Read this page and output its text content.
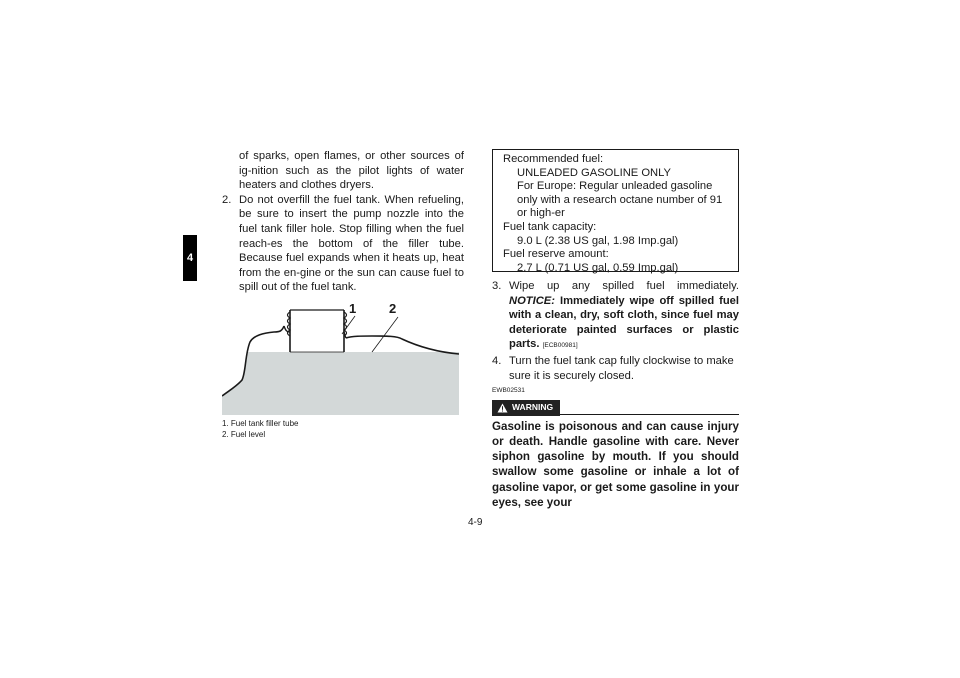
4

of sparks, open flames, or other sources of ig-nition such as the pilot lights of water heaters and clothes dryers.

2. Do not overfill the fuel tank. When refueling, be sure to insert the pump nozzle into the fuel tank filler hole. Stop filling when the fuel reach-es the bottom of the filler tube. Because fuel expands when it heats up, heat from the en-gine or the sun can cause fuel to spill out of the fuel tank.
1	2
1. Fuel tank filler tube
2. Fuel level
Recommended fuel:
UNLEADED GASOLINE ONLY
For Europe: Regular unleaded gasoline only with a research octane number of 91 or high-er
Fuel tank capacity:
9.0 L (2.38 US gal, 1.98 Imp.gal)
Fuel reserve amount:
2.7 L (0.71 US gal, 0.59 Imp.gal)
3. Wipe up any spilled fuel immediately. NOTICE: Immediately wipe off spilled fuel with a clean, dry, soft cloth, since fuel may deteriorate painted surfaces or plastic parts. [ECB00981]
4. Turn the fuel tank cap fully clockwise to make sure it is securely closed.
EWB02531
WARNING
Gasoline is poisonous and can cause injury or death. Handle gasoline with care. Never siphon gasoline by mouth. If you should swallow some gasoline or inhale a lot of gasoline vapor, or get some gasoline in your eyes, see your
4-9
